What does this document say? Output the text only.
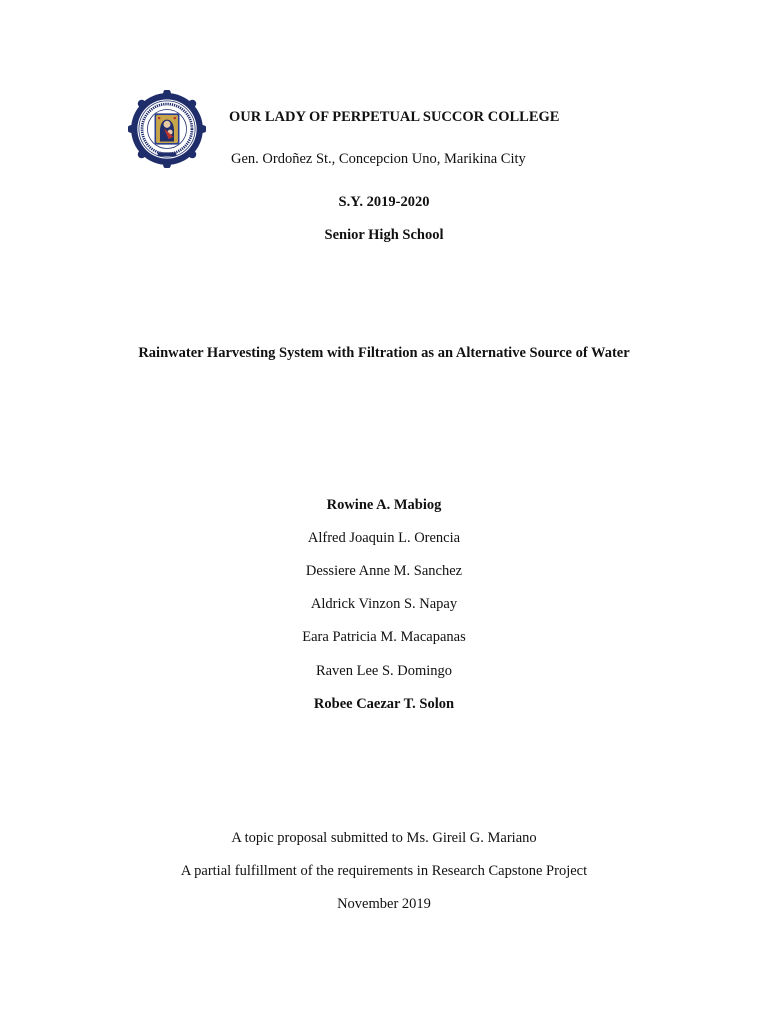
OUR LADY OF PERPETUAL SUCCOR COLLEGE
Gen. Ordoñez St., Concepcion Uno, Marikina City
S.Y. 2019-2020
Senior High School
Rainwater Harvesting System with Filtration as an Alternative Source of Water
Rowine A. Mabiog
Alfred Joaquin L. Orencia
Dessiere Anne M. Sanchez
Aldrick Vinzon S. Napay
Eara Patricia M. Macapanas
Raven Lee S. Domingo
Robee Caezar T. Solon
A topic proposal submitted to Ms. Gireil G. Mariano
A partial fulfillment of the requirements in Research Capstone Project
November 2019
